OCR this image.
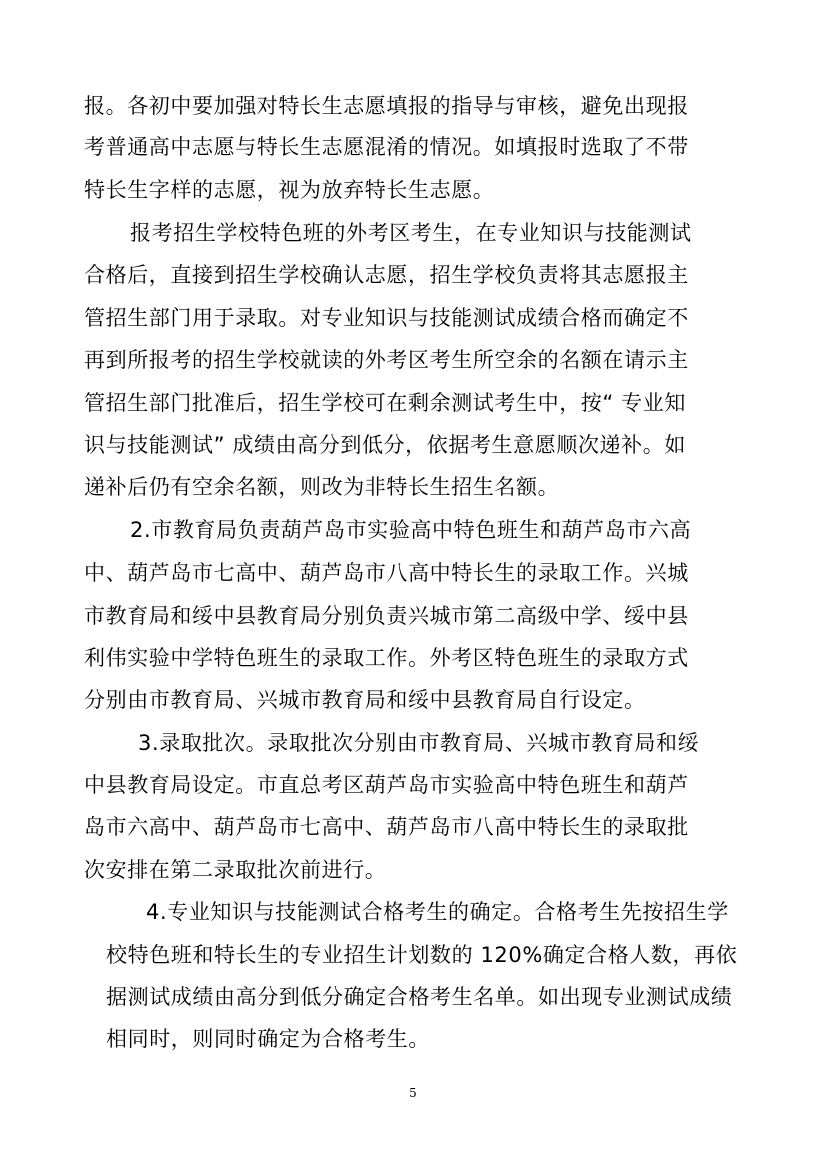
报。各初中要加强对特长生志愿填报的指导与审核，避免出现报
考普通高中志愿与特长生志愿混淆的情况。如填报时选取了不带
特长生字样的志愿，视为放弃特长生志愿。
报考招生学校特色班的外考区考生，在专业知识与技能测试
合格后，直接到招生学校确认志愿，招生学校负责将其志愿报主
管招生部门用于录取。对专业知识与技能测试成绩合格而确定不
再到所报考的招生学校就读的外考区考生所空余的名额在请示主
管招生部门批准后，招生学校可在剩余测试考生中，按“ 专业知
识与技能测试” 成绩由高分到低分，依据考生意愿顺次递补。如
递补后仍有空余名额，则改为非特长生招生名额。
2.市教育局负责葫芦岛市实验高中特色班生和葫芦岛市六高
中、葫芦岛市七高中、葫芦岛市八高中特长生的录取工作。兴城
市教育局和绥中县教育局分别负责兴城市第二高级中学、绥中县
利伟实验中学特色班生的录取工作。外考区特色班生的录取方式
分别由市教育局、兴城市教育局和绥中县教育局自行设定。
3.录取批次。录取批次分别由市教育局、兴城市教育局和绥
中县教育局设定。市直总考区葫芦岛市实验高中特色班生和葫芦
岛市六高中、葫芦岛市七高中、葫芦岛市八高中特长生的录取批
次安排在第二录取批次前进行。
4.专业知识与技能测试合格考生的确定。合格考生先按招生学
校特色班和特长生的专业招生计划数的 120%确定合格人数，再依
据测试成绩由高分到低分确定合格考生名单。如出现专业测试成绩
相同时，则同时确定为合格考生。
5
